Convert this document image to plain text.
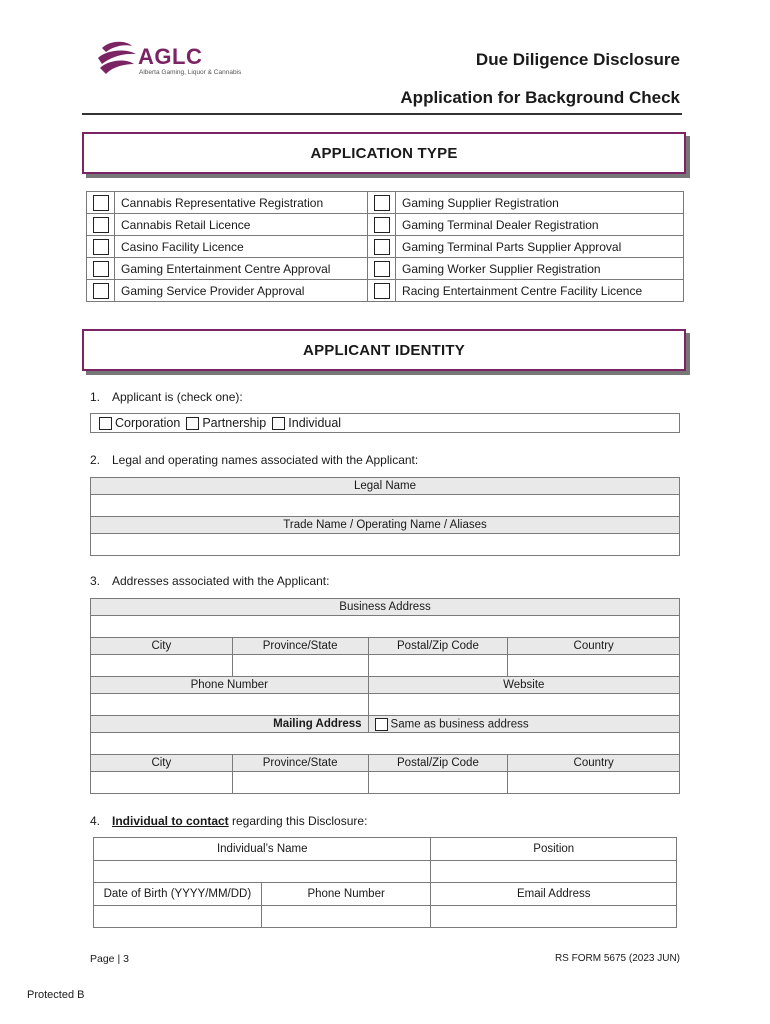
AGLC
Alberta Gaming, Liquor & Cannabis
Due Diligence Disclosure
Application for Background Check
APPLICATION TYPE
	Cannabis Representative Registration		Gaming Supplier Registration
	Cannabis Retail Licence		Gaming Terminal Dealer Registration
	Casino Facility Licence		Gaming Terminal Parts Supplier Approval
	Gaming Entertainment Centre Approval		Gaming Worker Supplier Registration
	Gaming Service Provider Approval		Racing Entertainment Centre Facility Licence
APPLICANT IDENTITY
1. Applicant is (check one):
Corporation Partnership Individual
2. Legal and operating names associated with the Applicant:
Legal Name

Trade Name / Operating Name / Aliases

3. Addresses associated with the Applicant:
Business Address			

City	Province/State	Postal/Zip Code	Country

Phone Number		Website	

Mailing Address		Same as business address	

City	Province/State	Postal/Zip Code	Country

4. Individual to contact regarding this Disclosure:
Individual’s Name		Position

Date of Birth (YYYY/MM/DD)	Phone Number	Email Address

Page | 3	RS FORM 5675 (2023 JUN)
Protected B
